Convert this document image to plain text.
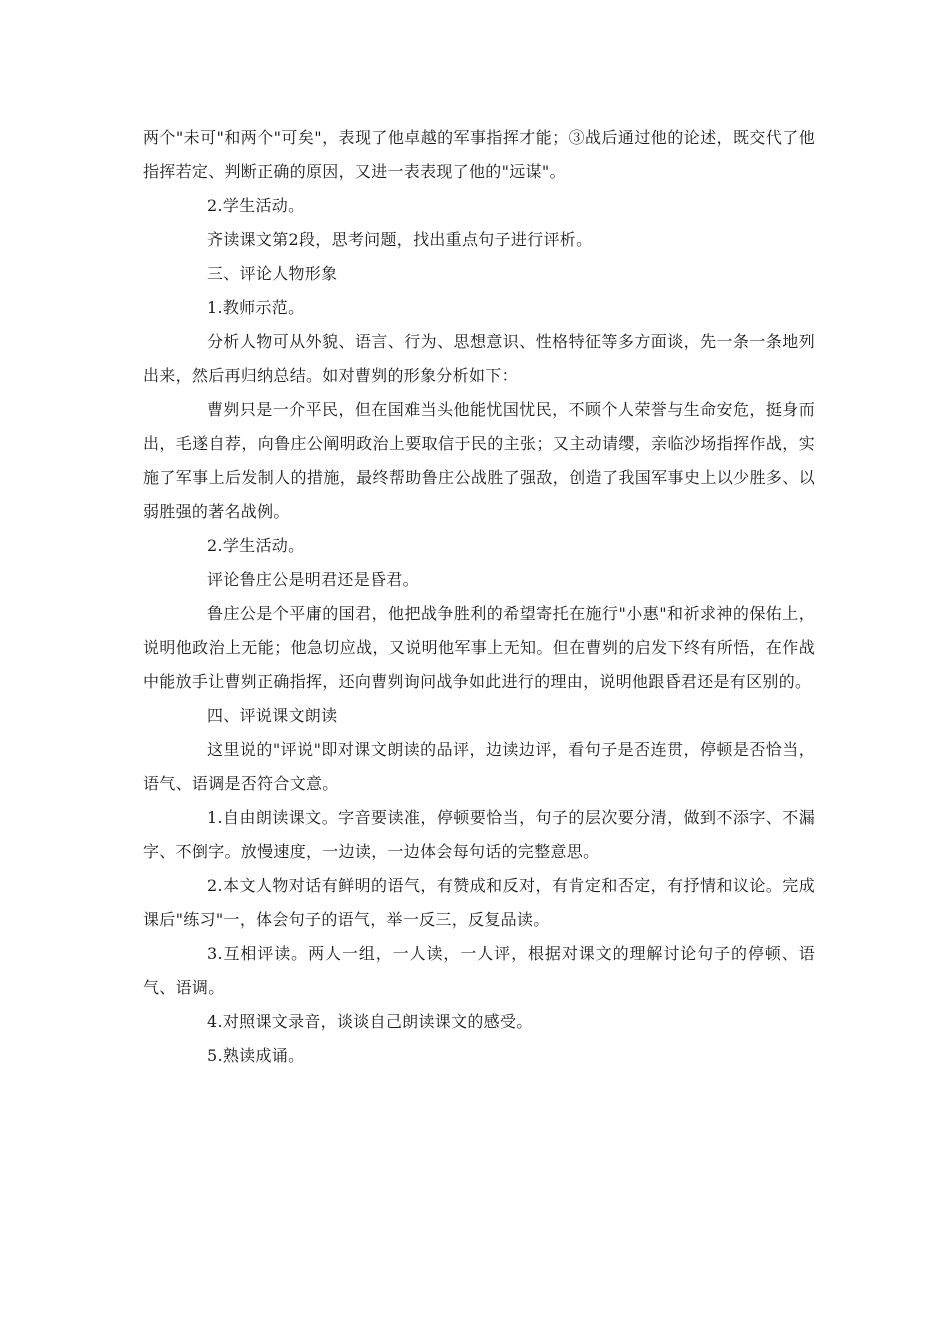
两个"未可"和两个"可矣"，表现了他卓越的军事指挥才能；③战后通过他的论述，既交代了他指挥若定、判断正确的原因，又进一表表现了他的"远谋"。

2.学生活动。

齐读课文第2段，思考问题，找出重点句子进行评析。

三、评论人物形象

1.教师示范。

分析人物可从外貌、语言、行为、思想意识、性格特征等多方面谈，先一条一条地列出来，然后再归纳总结。如对曹刿的形象分析如下：

曹刿只是一介平民，但在国难当头他能忧国忧民，不顾个人荣誉与生命安危，挺身而出，毛遂自荐，向鲁庄公阐明政治上要取信于民的主张；又主动请缨，亲临沙场指挥作战，实施了军事上后发制人的措施，最终帮助鲁庄公战胜了强敌，创造了我国军事史上以少胜多、以弱胜强的著名战例。

2.学生活动。

评论鲁庄公是明君还是昏君。

鲁庄公是个平庸的国君，他把战争胜利的希望寄托在施行"小惠"和祈求神的保佑上，说明他政治上无能；他急切应战，又说明他军事上无知。但在曹刿的启发下终有所悟，在作战中能放手让曹刿正确指挥，还向曹刿询问战争如此进行的理由，说明他跟昏君还是有区别的。

四、评说课文朗读

这里说的"评说"即对课文朗读的品评，边读边评，看句子是否连贯，停顿是否恰当，语气、语调是否符合文意。

1.自由朗读课文。字音要读准，停顿要恰当，句子的层次要分清，做到不添字、不漏字、不倒字。放慢速度，一边读，一边体会每句话的完整意思。

2.本文人物对话有鲜明的语气，有赞成和反对，有肯定和否定，有抒情和议论。完成课后"练习"一，体会句子的语气，举一反三，反复品读。

3.互相评读。两人一组，一人读，一人评，根据对课文的理解讨论句子的停顿、语气、语调。

4.对照课文录音，谈谈自己朗读课文的感受。

5.熟读成诵。
